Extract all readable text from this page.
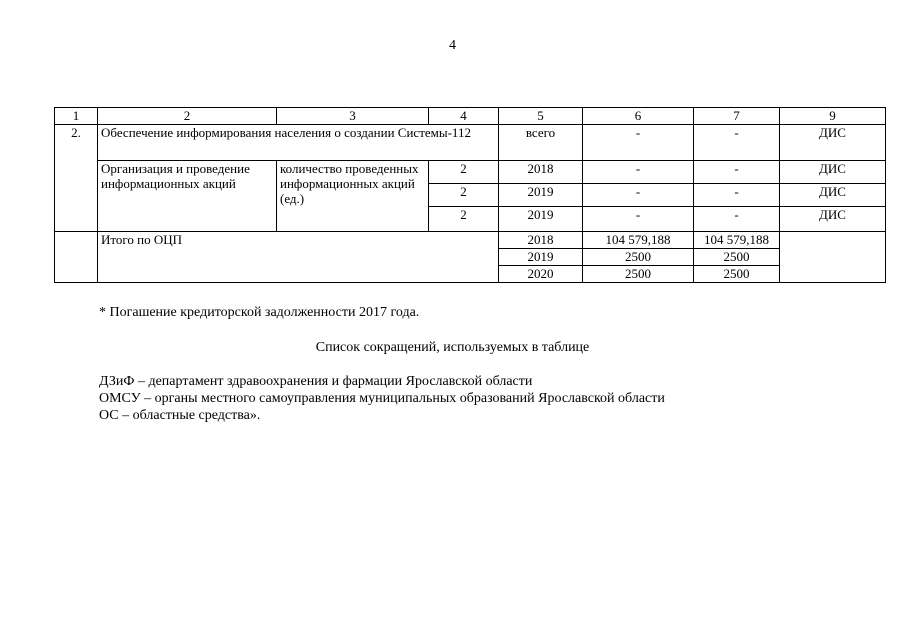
4
1	2	3	4	5	6	7	9
2.	Обеспечение информирования населения о создании Системы-112			всего	-	-	ДИС
	Организация и проведение информационных акций	количество проведенных информационных акций (ед.)	2	2018	-	-	ДИС
			2	2019	-	-	ДИС
			2	2019	-	-	ДИС
	Итого по ОЦП			2018	104 579,188	104 579,188	
				2019	2500	2500	
				2020	2500	2500	
* Погашение кредиторской задолженности 2017 года.
Список сокращений, используемых в таблице
ДЗиФ – департамент здравоохранения и фармации Ярославской области
ОМСУ – органы местного самоуправления муниципальных образований Ярославской области
ОС – областные средства».
